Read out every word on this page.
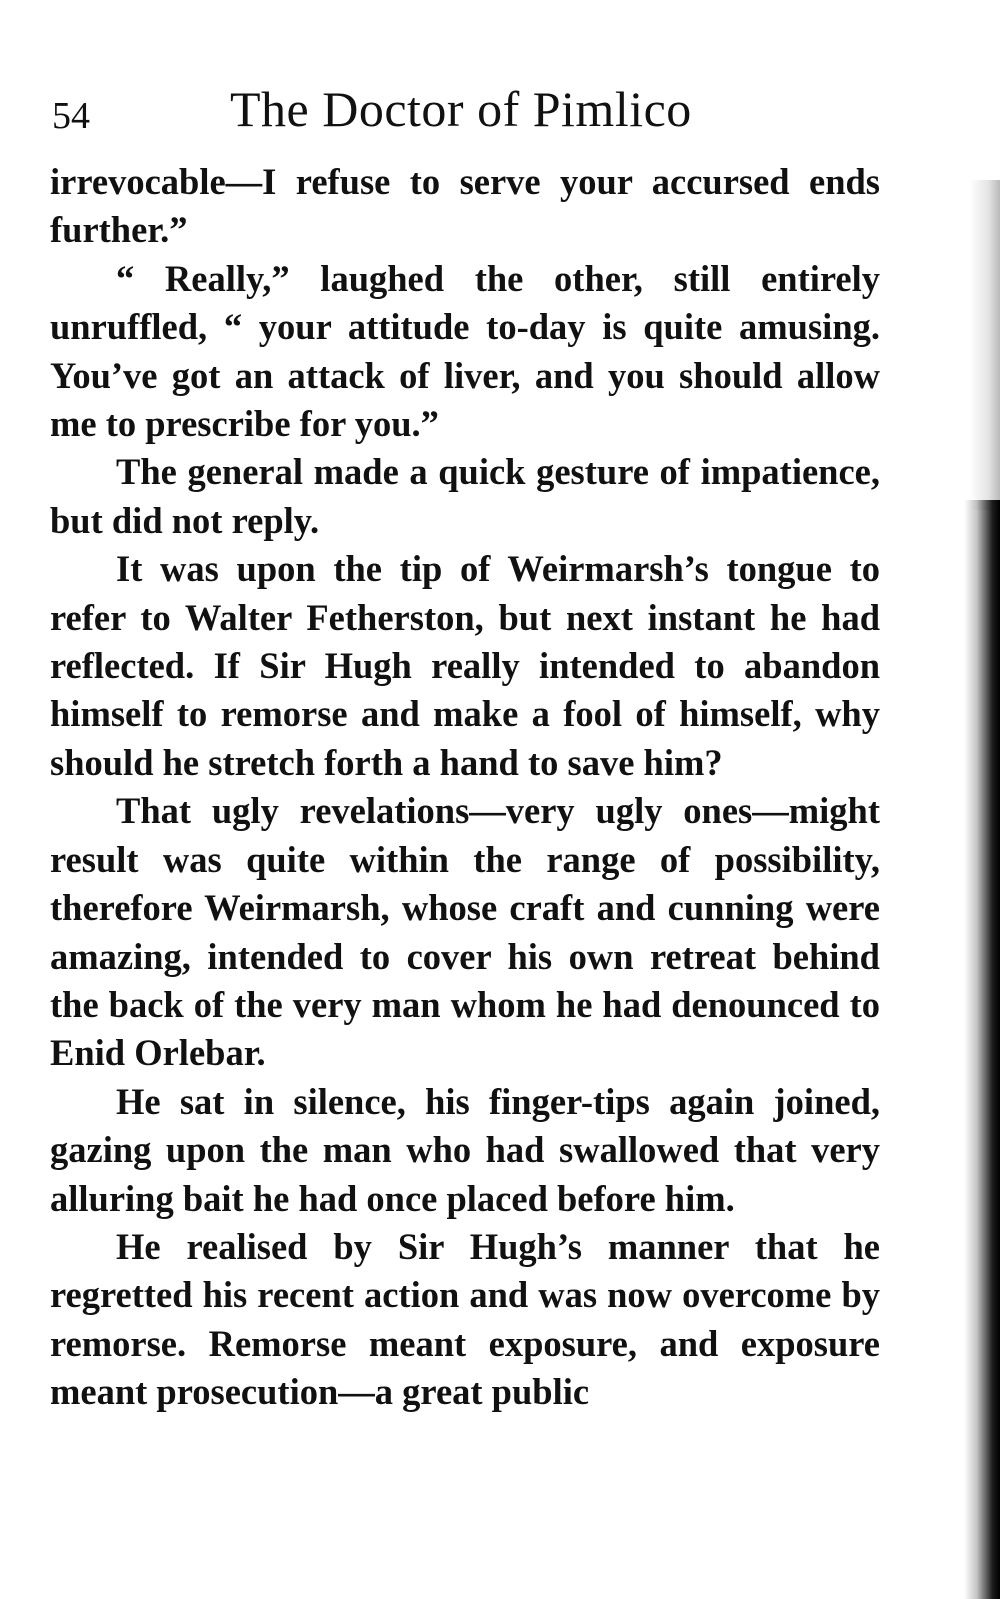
54	The Doctor of Pimlico

irrevocable—I refuse to serve your accursed ends further.”

“ Really,” laughed the other, still entirely unruffled, “ your attitude to-day is quite amusing. You’ve got an attack of liver, and you should allow me to prescribe for you.”

The general made a quick gesture of impatience, but did not reply.

It was upon the tip of Weirmarsh’s tongue to refer to Walter Fetherston, but next instant he had reflected. If Sir Hugh really intended to abandon himself to remorse and make a fool of himself, why should he stretch forth a hand to save him?

That ugly revelations—very ugly ones—might result was quite within the range of possibility, therefore Weirmarsh, whose craft and cunning were amazing, intended to cover his own retreat behind the back of the very man whom he had denounced to Enid Orlebar.

He sat in silence, his finger-tips again joined, gazing upon the man who had swallowed that very alluring bait he had once placed before him.

He realised by Sir Hugh’s manner that he regretted his recent action and was now overcome by remorse. Remorse meant exposure, and exposure meant prosecution—a great public
